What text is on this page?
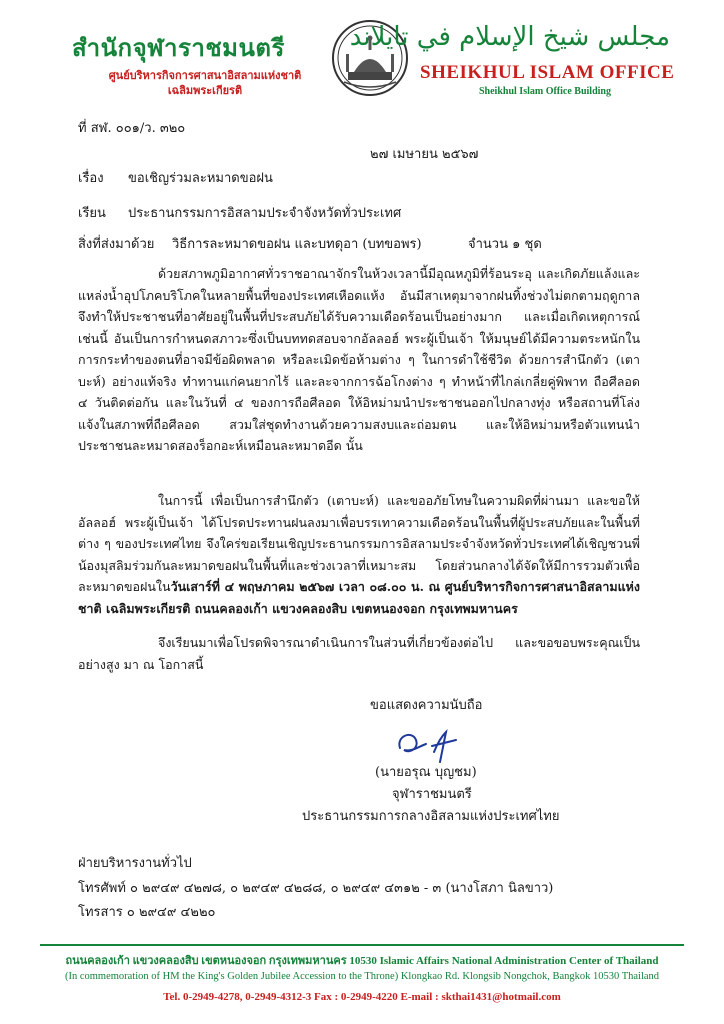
สำนักจุฬาราชมนตรี
ศูนย์บริหารกิจการศาสนาอิสลามแห่งชาติ
เฉลิมพระเกียรติ
مجلس شيخ الإسلام في تايلاند
SHEIKHUL ISLAM OFFICE
Sheikhul Islam Office Building
ที่ สฬ. ๐๐๑/ว. ๓๒๐
๒๗ เมษายน ๒๕๖๗
เรื่อง ขอเชิญร่วมละหมาดขอฝน
เรียน ประธานกรรมการอิสลามประจำจังหวัดทั่วประเทศ
สิ่งที่ส่งมาด้วย วิธีการละหมาดขอฝน และบทดุอา (บทขอพร)	จำนวน ๑ ชุด

ด้วยสภาพภูมิอากาศทั่วราชอาณาจักรในห้วงเวลานี้มีอุณหภูมิที่ร้อนระอุ และเกิดภัยแล้งและแหล่งน้ำอุปโภคบริโภคในหลายพื้นที่ของประเทศเหือดแห้ง อันมีสาเหตุมาจากฝนทิ้งช่วงไม่ตกตามฤดูกาล จึงทำให้ประชาชนที่อาศัยอยู่ในพื้นที่ประสบภัยได้รับความเดือดร้อนเป็นอย่างมาก และเมื่อเกิดเหตุการณ์เช่นนี้ อันเป็นการกำหนดสภาวะซึ่งเป็นบททดสอบจากอัลลอฮ์ พระผู้เป็นเจ้า ให้มนุษย์ได้มีความตระหนักในการกระทำของตนที่อาจมีข้อผิดพลาด หรือละเมิดข้อห้ามต่าง ๆ ในการดำใช้ชีวิต ด้วยการสำนึกตัว (เตาบะห์) อย่างแท้จริง ทำทานแก่คนยากไร้ และละจากการฉ้อโกงต่าง ๆ ทำหน้าที่ไกล่เกลี่ยคู่พิพาท ถือศีลอด ๔ วันติดต่อกัน และในวันที่ ๔ ของการถือศีลอด ให้อิหม่ามนำประชาชนออกไปกลางทุ่ง หรือสถานที่โล่งแจ้งในสภาพที่ถือศีลอด สวมใส่ชุดทำงานด้วยความสงบและถ่อมตน และให้อิหม่ามหรือตัวแทนนำประชาชนละหมาดสองร็อกอะห์เหมือนละหมาดอีด นั้น

ในการนี้ เพื่อเป็นการสำนึกตัว (เตาบะห์) และขออภัยโทษในความผิดที่ผ่านมา และขอให้อัลลอฮ์ พระผู้เป็นเจ้า ได้โปรดประทานฝนลงมาเพื่อบรรเทาความเดือดร้อนในพื้นที่ผู้ประสบภัยและในพื้นที่ต่าง ๆ ของประเทศไทย จึงใคร่ขอเรียนเชิญประธานกรรมการอิสลามประจำจังหวัดทั่วประเทศได้เชิญชวนพี่น้องมุสลิมร่วมกันละหมาดขอฝนในพื้นที่และช่วงเวลาที่เหมาะสม โดยส่วนกลางได้จัดให้มีการรวมตัวเพื่อละหมาดขอฝนในวันเสาร์ที่ ๔ พฤษภาคม ๒๕๖๗ เวลา ๐๘.๐๐ น. ณ ศูนย์บริหารกิจการศาสนาอิสลามแห่งชาติ เฉลิมพระเกียรติ ถนนคลองเก้า แขวงคลองสิบ เขตหนองจอก กรุงเทพมหานคร

จึงเรียนมาเพื่อโปรดพิจารณาดำเนินการในส่วนที่เกี่ยวข้องต่อไป และขอขอบพระคุณเป็นอย่างสูง มา ณ โอกาสนี้

ขอแสดงความนับถือ
(นายอรุณ บุญชม)
จุฬาราชมนตรี
ประธานกรรมการกลางอิสลามแห่งประเทศไทย
ฝ่ายบริหารงานทั่วไป
โทรศัพท์ ๐ ๒๙๔๙ ๔๒๗๘, ๐ ๒๙๔๙ ๔๒๘๘, ๐ ๒๙๔๙ ๔๓๑๒ - ๓ (นางโสภา นิลขาว)
โทรสาร ๐ ๒๙๔๙ ๔๒๒๐
ถนนคลองเก้า แขวงคลองสิบ เขตหนองจอก กรุงเทพมหานคร 10530 Islamic Affairs National Administration Center of Thailand
(In commemoration of HM the King's Golden Jubilee Accession to the Throne) Klongkao Rd. Klongsib Nongchok, Bangkok 10530 Thailand
Tel. 0-2949-4278, 0-2949-4312-3 Fax : 0-2949-4220 E-mail : skthai1431@hotmail.com
